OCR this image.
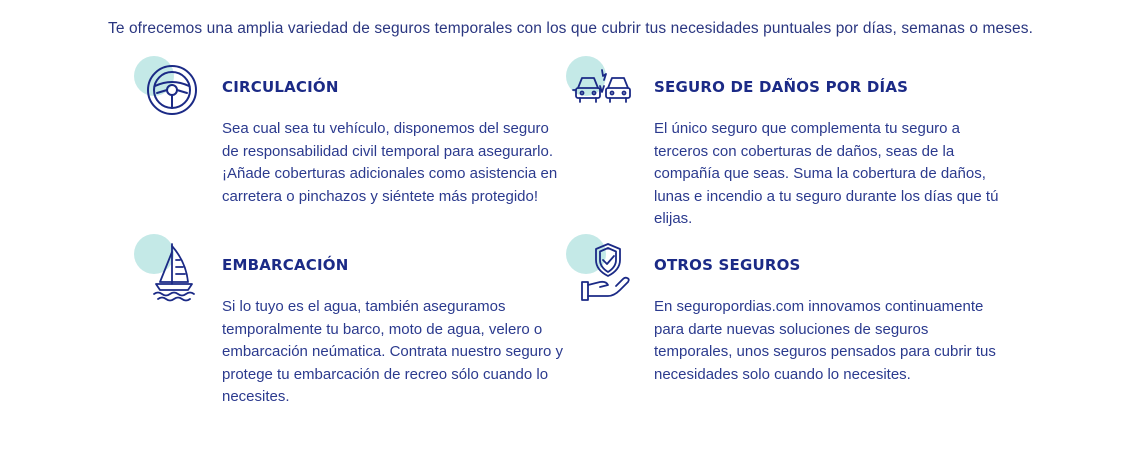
Te ofrecemos una amplia variedad de seguros temporales con los que cubrir tus necesidades puntuales por días, semanas o meses.
CIRCULACIÓN
Sea cual sea tu vehículo, disponemos del seguro de responsabilidad civil temporal para asegurarlo. ¡Añade coberturas adicionales como asistencia en carretera o pinchazos y siéntete más protegido!
SEGURO DE DAÑOS POR DÍAS
El único seguro que complementa tu seguro a terceros con coberturas de daños, seas de la compañía que seas. Suma la cobertura de daños, lunas e incendio a tu seguro durante los días que tú elijas.
EMBARCACIÓN
Si lo tuyo es el agua, también aseguramos temporalmente tu barco, moto de agua, velero o embarcación neúmatica. Contrata nuestro seguro y protege tu embarcación de recreo sólo cuando lo necesites.
OTROS SEGUROS
En seguropordias.com innovamos continuamente para darte nuevas soluciones de seguros temporales, unos seguros pensados para cubrir tus necesidades solo cuando lo necesites.
